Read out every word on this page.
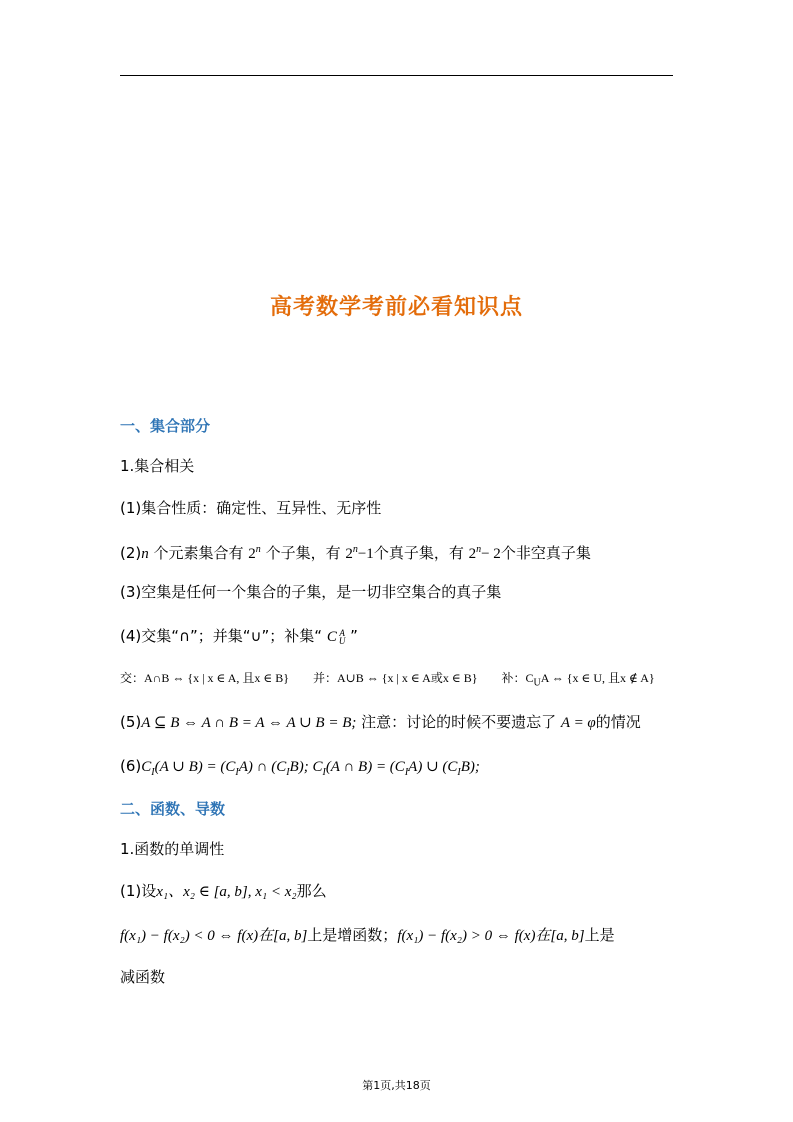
高考数学考前必看知识点
一、集合部分
1.集合相关
(1)集合性质：确定性、互异性、无序性
(2)n 个元素集合有 2$^n$ 个子集，有 $2^n-1$个真子集，有 $2^n- 2$个非空真子集
(3)空集是任何一个集合的子集，是一切非空集合的真子集
(4)交集“∩”；并集“∪”；补集“ C A
U ”
交：A∩B ⇔ {x | x ∈ A, 且x ∈ B} 并：A∪B ⇔ {x | x ∈ A或x ∈ B} 补：$C_UA$ ⇔ {x ∈ U, 且x ∉ A}
(5)A ⊆ B ⇔ A ∩ B = A ⇔ A ∪ B = B; 注意：讨论的时候不要遗忘了 A = φ的情况
$(6)C_I(A$ ∪ $B) = (C_IA)$ ∩ $(C_IB)$; $C_I(A$ ∩ $B) = (C_IA)$ ∪ $(C_IB)$;
二、函数、导数
1.函数的单调性
(1)设x₁、x₂ ∈ [a, b], x₁ < x₂那么
f(x₁) − f(x₂) < 0 ⇔ f(x)在[a, b]上是增函数；f(x₁) − f(x₂) > 0 ⇔ f(x)在[a, b]上是
减函数
第1页,共18页
